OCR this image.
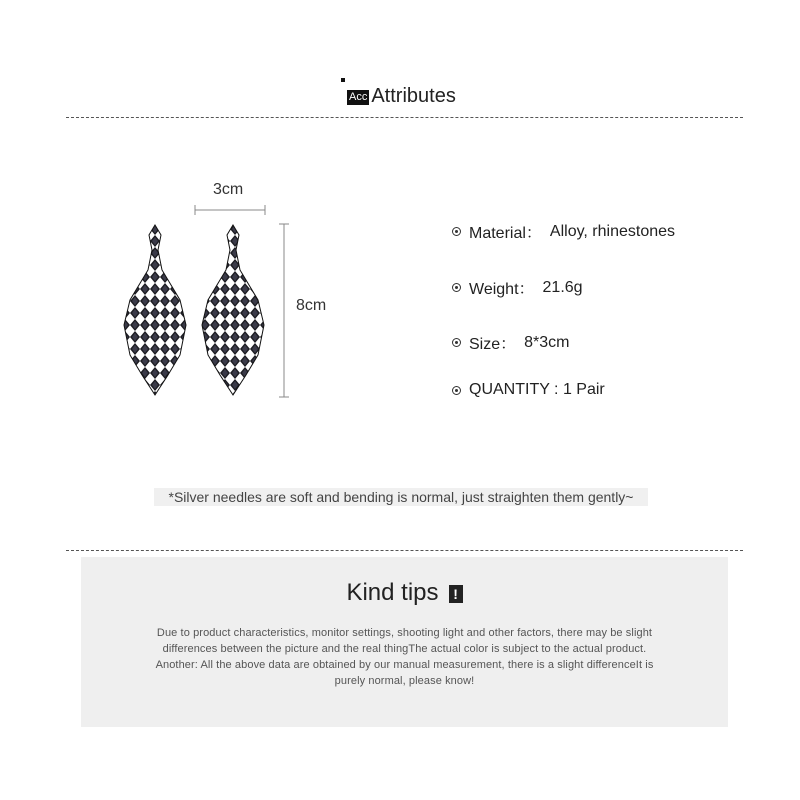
Acc Attributes
3cm
8cm
Material： Alloy, rhinestones
Weight： 21.6g
Size： 8*3cm
QUANTITY : 1 Pair
*Silver needles are soft and bending is normal, just straighten them gently~
Kind tips	!
Due to product characteristics, monitor settings, shooting light and other factors, there may be slight
differences between the picture and the real thingThe actual color is subject to the actual product.
Another: All the above data are obtained by our manual measurement, there is a slight differenceIt is
purely normal, please know!
